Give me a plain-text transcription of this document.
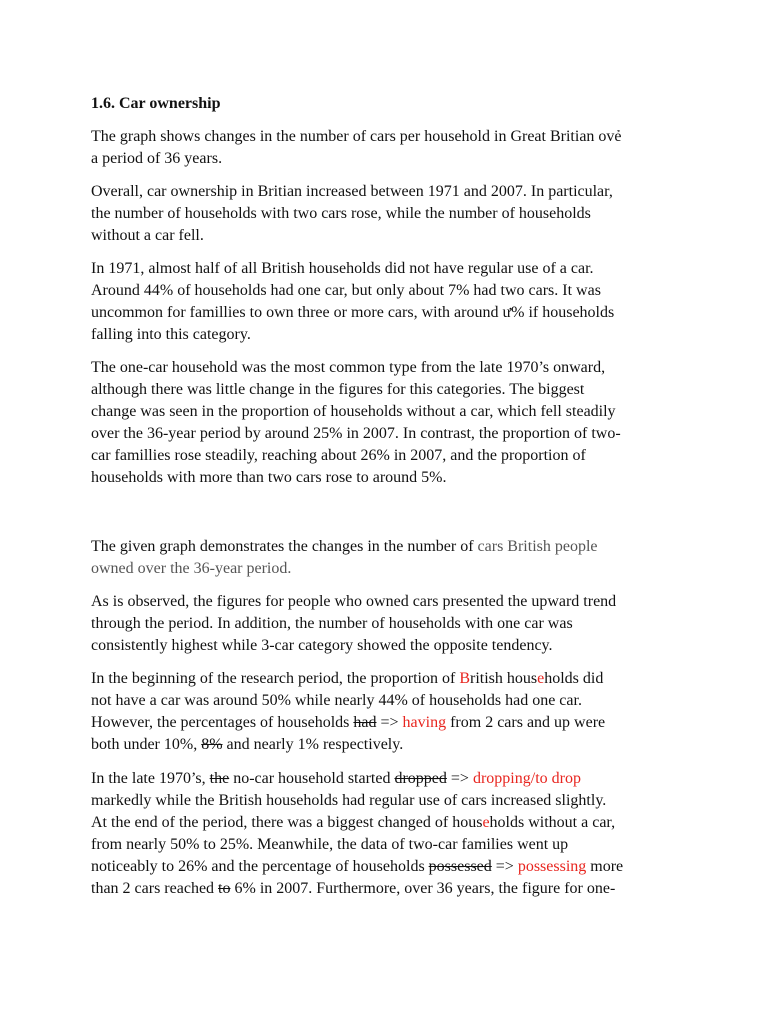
1.6. Car ownership

The graph shows changes in the number of cars per household in Great Britian ovẻ
a period of 36 years.

Overall, car ownership in Britian increased between 1971 and 2007. In particular,
the number of households with two cars rose, while the number of households
without a car fell.

In 1971, almost half of all British households did not have regular use of a car.
Around 44% of households had one car, but only about 7% had two cars. It was
uncommon for famillies to own three or more cars, with around ư% if households
falling into this category.

The one-car household was the most common type from the late 1970’s onward,
although there was little change in the figures for this categories. The biggest
change was seen in the proportion of households without a car, which fell steadily
over the 36-year period by around 25% in 2007. In contrast, the proportion of two-
car famillies rose steadily, reaching about 26% in 2007, and the proportion of
households with more than two cars rose to around 5%.

The given graph demonstrates the changes in the number of cars British people
owned over the 36-year period.

As is observed, the figures for people who owned cars presented the upward trend
through the period. In addition, the number of households with one car was
consistently highest while 3-car category showed the opposite tendency.

In the beginning of the research period, the proportion of British households did
not have a car was around 50% while nearly 44% of households had one car.
However, the percentages of households had => having from 2 cars and up were
both under 10%, 8% and nearly 1% respectively.

In the late 1970’s, the no-car household started dropped => dropping/to drop
markedly while the British households had regular use of cars increased slightly.
At the end of the period, there was a biggest changed of households without a car,
from nearly 50% to 25%. Meanwhile, the data of two-car families went up
noticeably to 26% and the percentage of households possessed => possessing more
than 2 cars reached to 6% in 2007. Furthermore, over 36 years, the figure for one-
